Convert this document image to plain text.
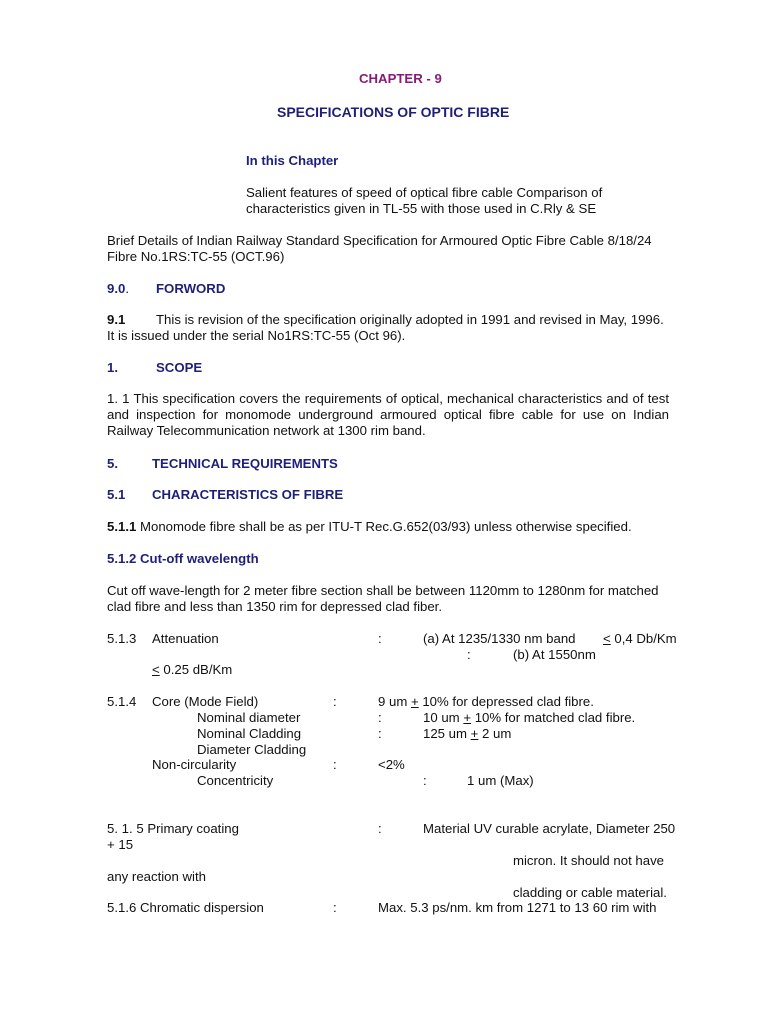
CHAPTER - 9
SPECIFICATIONS OF OPTIC FIBRE
In this Chapter
Salient features of speed of optical fibre cable Comparison of
characteristics given in TL-55 with those used in C.Rly & SE
Brief Details of Indian Railway Standard Specification for Armoured Optic Fibre Cable 8/18/24
Fibre No.1RS:TC-55 (OCT.96)
9.0. FORWORD
9.1 This is revision of the specification originally adopted in 1991 and revised in May, 1996.
It is issued under the serial No1RS:TC-55 (Oct 96).
1.	SCOPE
1. 1 This specification covers the requirements of optical, mechanical characteristics and of test
and inspection for monomode underground armoured optical fibre cable for use on Indian
Railway Telecommunication network at 1300 rim band.
5.	TECHNICAL REQUIREMENTS
5.1 CHARACTERISTICS OF FIBRE
5.1.1 Monomode fibre shall be as per ITU-T Rec.G.652(03/93) unless otherwise specified.
5.1.2 Cut-off wavelength
Cut off wave-length for 2 meter fibre section shall be between 1120mm to 1280nm for matched
clad fibre and less than 1350 rim for depressed clad fiber.
5.1.3 Attenuation	:	(a) At 1235/1330 nm band ≤ 0,4 Db/Km
:	(b) At 1550nm
≤ 0.25 dB/Km
5.1.4 Core (Mode Field)	:	9 um + 10% for depressed clad fibre.
Nominal diameter	:	10 um + 10% for matched clad fibre.
Nominal Cladding	:	125 um + 2 um
Diameter Cladding
Non-circularity	:	<2%
Concentricity	:	1 um (Max)
5. 1. 5 Primary coating	:	Material UV curable acrylate, Diameter 250
+ 15
micron. It should not have
any reaction with
cladding or cable material.
5.1.6 Chromatic dispersion	:	Max. 5.3 ps/nm. km from 1271 to 13 60 rim with
